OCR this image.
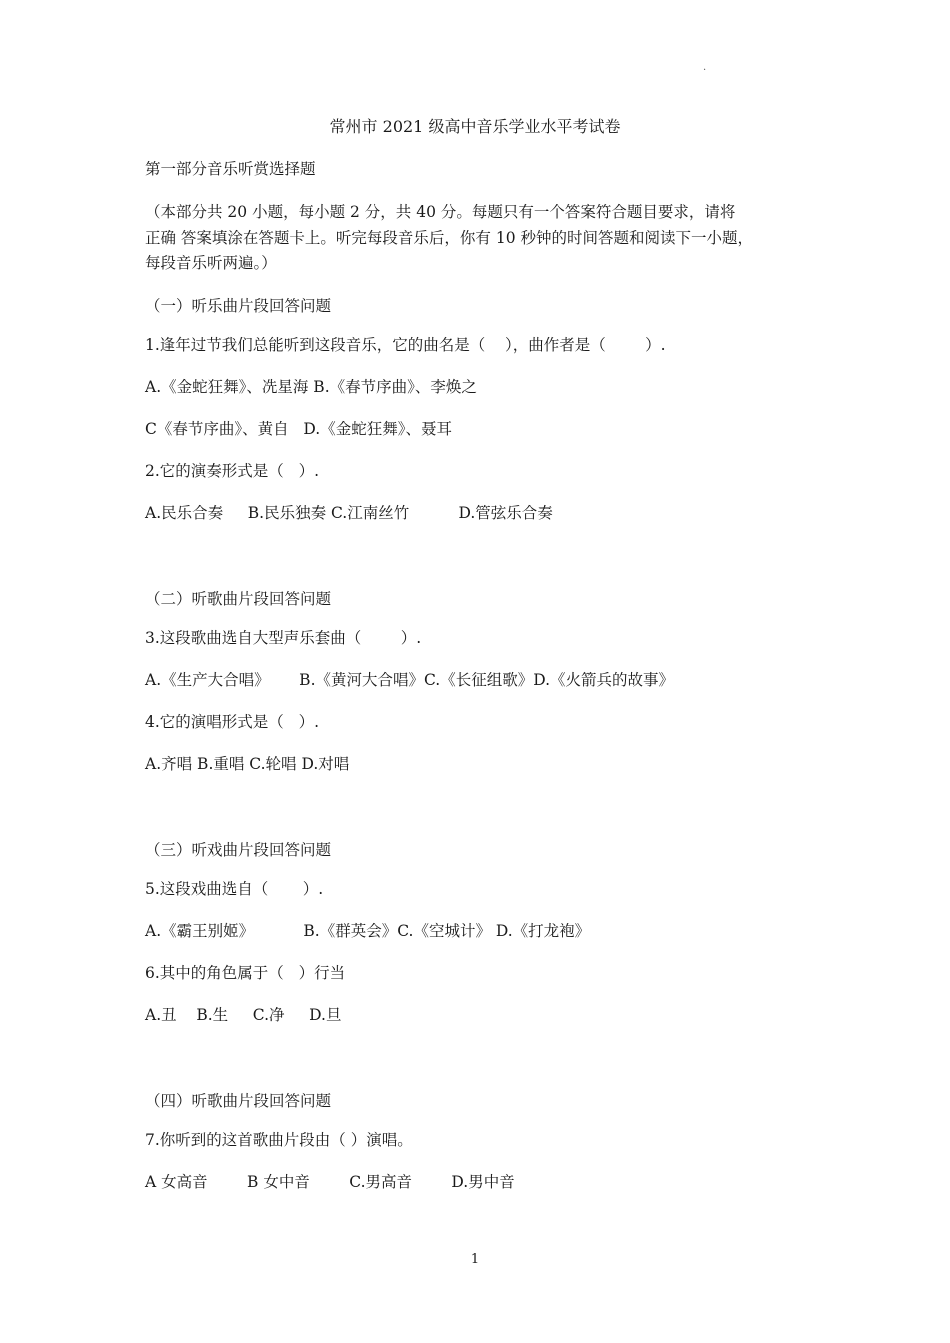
.
常州市 2021 级高中音乐学业水平考试卷
第一部分音乐听赏选择题
（本部分共 20 小题，每小题 2 分，共 40 分。每题只有一个答案符合题目要求，请将
正确 答案填涂在答题卡上。听完每段音乐后，你有 10 秒钟的时间答题和阅读下一小题，
每段音乐听两遍。）
（一）听乐曲片段回答问题
1.逢年过节我们总能听到这段音乐，它的曲名是（    ），曲作者是（        ）.
A.《金蛇狂舞》、冼星海 B.《春节序曲》、李焕之
C《春节序曲》、黄自   D.《金蛇狂舞》、聂耳
2.它的演奏形式是（   ）.
A.民乐合奏     B.民乐独奏 C.江南丝竹          D.管弦乐合奏
（二）听歌曲片段回答问题
3.这段歌曲选自大型声乐套曲（        ）.
A.《生产大合唱》      B.《黄河大合唱》C.《长征组歌》D.《火箭兵的故事》
4.它的演唱形式是（   ）.
A.齐唱 B.重唱 C.轮唱 D.对唱
（三）听戏曲片段回答问题
5.这段戏曲选自（       ）.
A.《霸王别姬》          B.《群英会》C.《空城计》 D.《打龙袍》
6.其中的角色属于（   ）行当
A.丑    B.生     C.净     D.旦
（四）听歌曲片段回答问题
7.你听到的这首歌曲片段由（ ）演唱。
A 女高音        B 女中音        C.男高音        D.男中音
1
